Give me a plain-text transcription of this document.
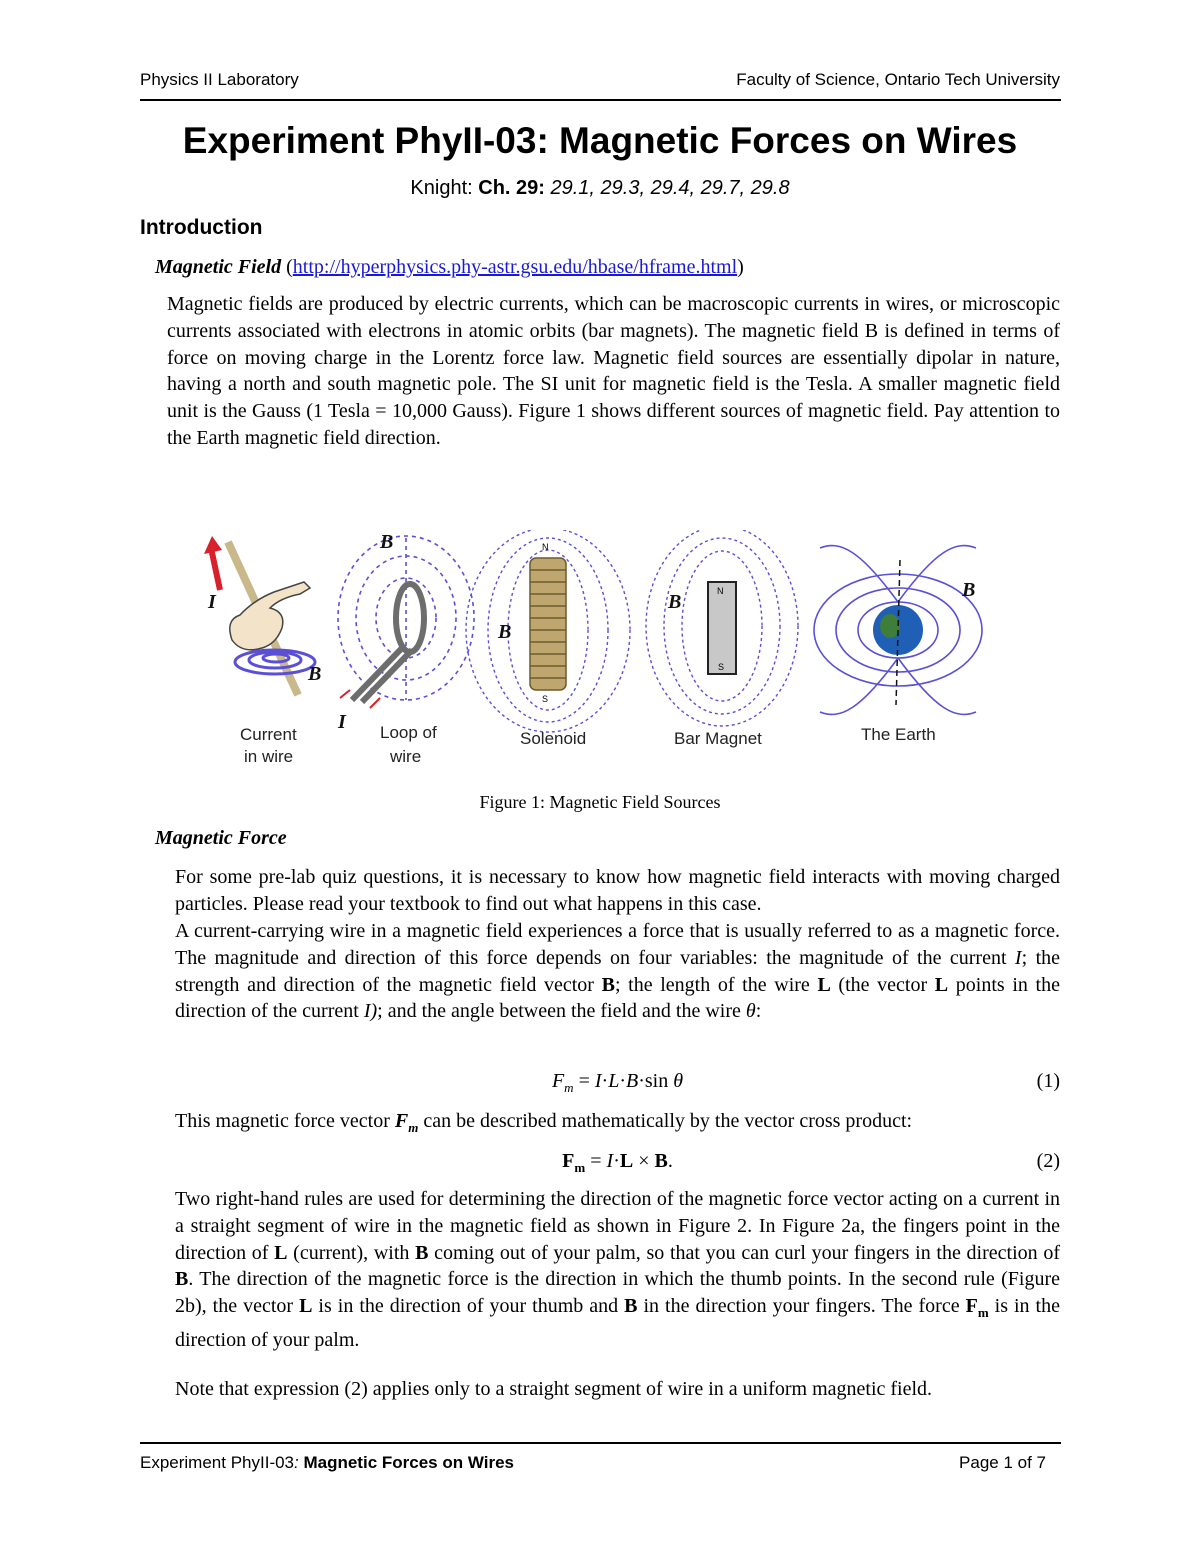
Physics II Laboratory	Faculty of Science, Ontario Tech University
Experiment PhyII-03: Magnetic Forces on Wires
Knight: Ch. 29: 29.1, 29.3, 29.4, 29.7, 29.8
Introduction
Magnetic Field (http://hyperphysics.phy-astr.gsu.edu/hbase/hframe.html)
Magnetic fields are produced by electric currents, which can be macroscopic currents in wires, or microscopic currents associated with electrons in atomic orbits (bar magnets). The magnetic field B is defined in terms of force on moving charge in the Lorentz force law. Magnetic field sources are essentially dipolar in nature, having a north and south magnetic pole. The SI unit for magnetic field is the Tesla. A smaller magnetic field unit is the Gauss (1 Tesla = 10,000 Gauss). Figure 1 shows different sources of magnetic field. Pay attention to the Earth magnetic field direction.
I
B
Current
in wire
B
I Loop of
wire
N
S
B
Solenoid
N
S
B
Bar Magnet
B
The Earth
Figure 1: Magnetic Field Sources
Magnetic Force
For some pre-lab quiz questions, it is necessary to know how magnetic field interacts with moving charged particles. Please read your textbook to find out what happens in this case.
A current-carrying wire in a magnetic field experiences a force that is usually referred to as a magnetic force. The magnitude and direction of this force depends on four variables: the magnitude of the current I; the strength and direction of the magnetic field vector B; the length of the wire L (the vector L points in the direction of the current I); and the angle between the field and the wire θ:
$F_m = I\cdot L\cdot B\cdot\sin$ θ	(1)
This magnetic force vector $F_m$ can be described mathematically by the vector cross product:
$F_m = I\cdot L \times B$.	(2)
Two right-hand rules are used for determining the direction of the magnetic force vector acting on a current in a straight segment of wire in the magnetic field as shown in Figure 2. In Figure 2a, the fingers point in the direction of L (current), with B coming out of your palm, so that you can curl your fingers in the direction of B. The direction of the magnetic force is the direction in which the thumb points. In the second rule (Figure 2b), the vector L is in the direction of your thumb and B in the direction your fingers. The force $F_m$ is in the direction of your palm.
Note that expression (2) applies only to a straight segment of wire in a uniform magnetic field.
Experiment PhyII-03: Magnetic Forces on Wires	Page 1 of 7
